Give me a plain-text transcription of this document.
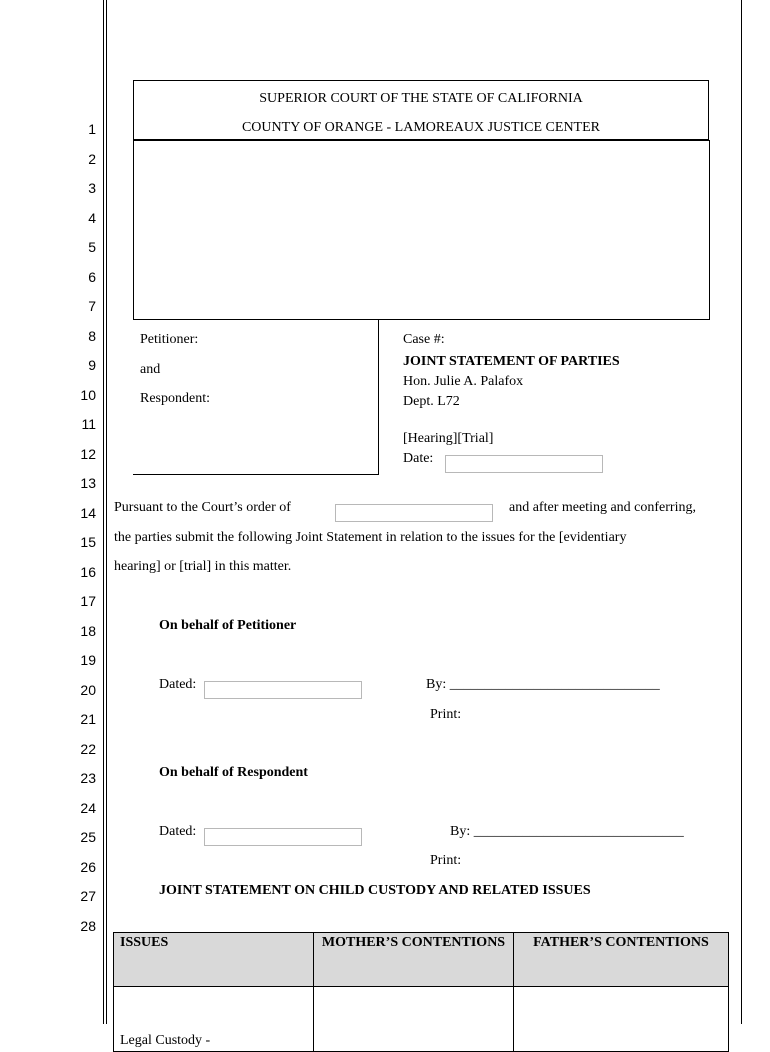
1
2
3
4
5
6
7
8
9
10
11
12
13
14
15
16
17
18
19
20
21
22
23
24
25
26
27
28
SUPERIOR COURT OF THE STATE OF CALIFORNIA
COUNTY OF ORANGE - LAMOREAUX JUSTICE CENTER
Petitioner:
and
Respondent:
Case #:
JOINT STATEMENT OF PARTIES
Hon. Julie A. Palafox
Dept. L72
[Hearing][Trial]
Date:
Pursuant to the Court’s order of	and after meeting and conferring,
the parties submit the following Joint Statement in relation to the issues for the [evidentiary
hearing] or [trial] in this matter.
On behalf of Petitioner
Dated:	By: ______________________________
Print:
On behalf of Respondent
Dated:	By: ______________________________
Print:
JOINT STATEMENT ON CHILD CUSTODY AND RELATED ISSUES
ISSUES	MOTHER’S CONTENTIONS	FATHER’S CONTENTIONS
Legal Custody -		
